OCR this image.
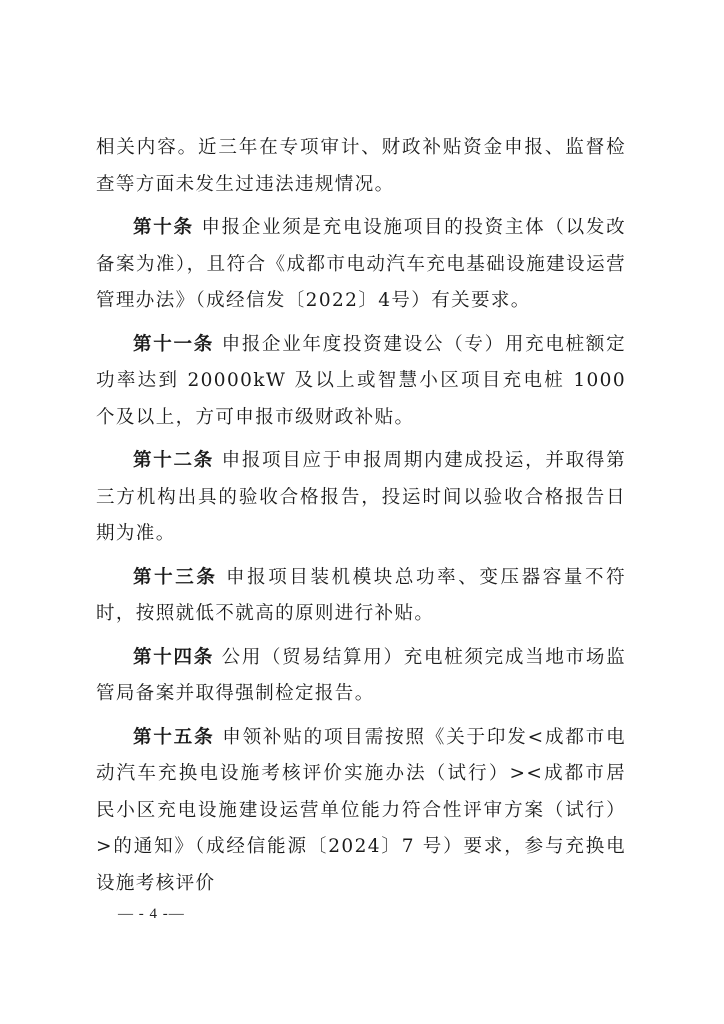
相关内容。近三年在专项审计、财政补贴资金申报、监督检查等方面未发生过违法违规情况。

第十条 申报企业须是充电设施项目的投资主体（以发改备案为准），且符合《成都市电动汽车充电基础设施建设运营管理办法》（成经信发〔2022〕4号）有关要求。

第十一条 申报企业年度投资建设公（专）用充电桩额定功率达到 20000kW 及以上或智慧小区项目充电桩 1000 个及以上，方可申报市级财政补贴。

第十二条 申报项目应于申报周期内建成投运，并取得第三方机构出具的验收合格报告，投运时间以验收合格报告日期为准。

第十三条 申报项目装机模块总功率、变压器容量不符时，按照就低不就高的原则进行补贴。

第十四条 公用（贸易结算用）充电桩须完成当地市场监管局备案并取得强制检定报告。

第十五条 申领补贴的项目需按照《关于印发<成都市电动汽车充换电设施考核评价实施办法（试行）><成都市居民小区充电设施建设运营单位能力符合性评审方案（试行）>的通知》（成经信能源〔2024〕7 号）要求，参与充换电设施考核评价

— - 4 -—
